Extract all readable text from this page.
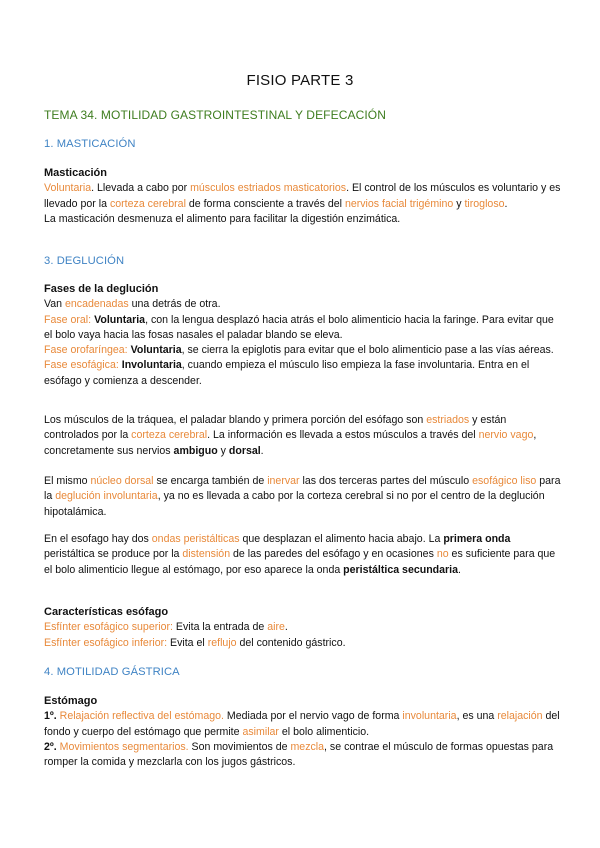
FISIO PARTE 3
TEMA 34. MOTILIDAD GASTROINTESTINAL Y DEFECACIÓN
1. MASTICACIÓN

Masticación

Voluntaria. Llevada a cabo por músculos estriados masticatorios. El control de los músculos es voluntario y es llevado por la corteza cerebral de forma consciente a través del nervios facial trigémino y tirogloso.

La masticación desmenuza el alimento para facilitar la digestión enzimática.

3. DEGLUCIÓN

Fases de la deglución

Van encadenadas una detrás de otra.

Fase oral: Voluntaria, con la lengua desplazó hacia atrás el bolo alimenticio hacia la faringe. Para evitar que el bolo vaya hacia las fosas nasales el paladar blando se eleva.

Fase orofaríngea: Voluntaria, se cierra la epiglotis para evitar que el bolo alimenticio pase a las vías aéreas.

Fase esofágica: Involuntaria, cuando empieza el músculo liso empieza la fase involuntaria. Entra en el esófago y comienza a descender.

Los músculos de la tráquea, el paladar blando y primera porción del esófago son estriados y están controlados por la corteza cerebral. La información es llevada a estos músculos a través del nervio vago, concretamente sus nervios ambiguo y dorsal.

El mismo núcleo dorsal se encarga también de inervar las dos terceras partes del músculo esofágico liso para la deglución involuntaria, ya no es llevada a cabo por la corteza cerebral si no por el centro de la deglución hipotalámica.

En el esofago hay dos ondas peristálticas que desplazan el alimento hacia abajo. La primera onda peristáltica se produce por la distensión de las paredes del esófago y en ocasiones no es suficiente para que el bolo alimenticio llegue al estómago, por eso aparece la onda peristáltica secundaria.

Características esófago

Esfínter esofágico superior: Evita la entrada de aire.

Esfínter esofágico inferior: Evita el reflujo del contenido gástrico.

4. MOTILIDAD GÁSTRICA

Estómago

1º. Relajación reflectiva del estómago. Mediada por el nervio vago de forma involuntaria, es una relajación del fondo y cuerpo del estómago que permite asimilar el bolo alimenticio.

2º. Movimientos segmentarios. Son movimientos de mezcla, se contrae el músculo de formas opuestas para romper la comida y mezclarla con los jugos gástricos.
